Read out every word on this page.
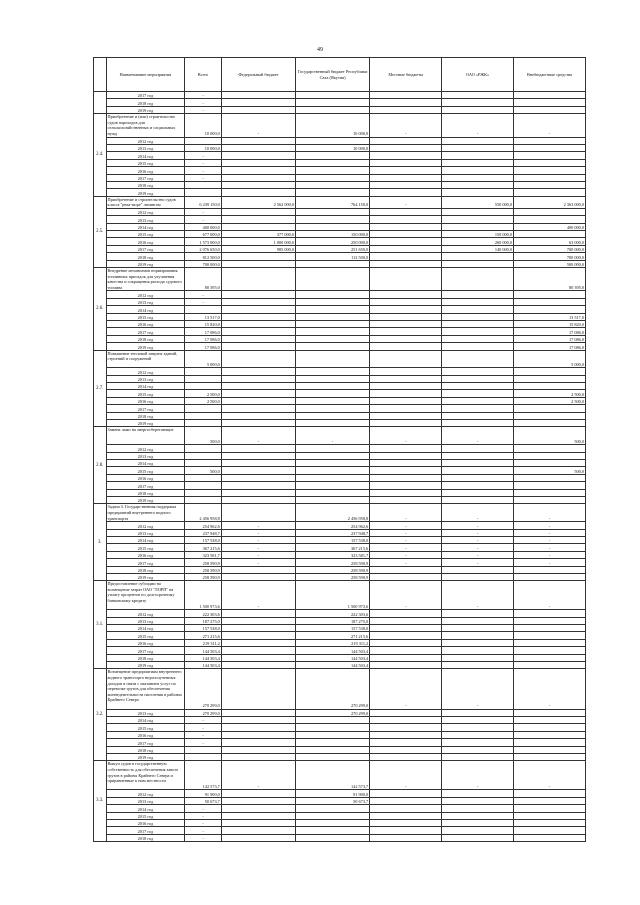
49
	Наименование мероприятия	Всего	Федеральный бюджет	Государственный бюджет Республики Саха (Якутия)	Местные бюджеты	ОАО «РЖК»	Внебюджетные средства
	2017 год	-					
	2018 год	-					
	2019 год	-					
2.4.	Приобретение и (или) строительство судов пароходов для сельскохозяйственных и социальных нужд	10 000,0	-	10 000,0	-	-	-
	2012 год						
	2013 год	10 000,0		10 000,0			
	2014 год	-					
	2015 год	-					
	2016 год	-					
	2017 год	-					
	2018 год						
	2019 год						
2.5.	Приобретение и строительство судов класса "река-море" лизингом	6 239 150,0	2 562 000,0	764 150,0	-	550 000,0	2 363 000,0
	2012 год	-					
	2013 год	-					
	2014 год	400 000,0					400 000,0
	2015 год	677 000,0	377 000,0	150 000,0		150 000,0	
	2016 год	1 573 000,0	1 000 000,0	250 000,0		260 000,0	63 000,0
	2017 год	2 076 650,0	985 000,0	251 650,0		140 000,0	700 000,0
	2018 год	812 500,0		112 500,0			700 000,0
	2019 год	700 000,0					500 000,0
2.6.	Внедрение механизмов нормирования топливных присадок для улучшения качества и сокращения расхода судового топлива	80 395,0					80 395,0
	2012 год	-					
	2013 год	-					
	2014 год						
	2015 год	13 517,0					13 517,0
	2016 год	15 820,0					15 820,0
	2017 год	17 086,0					17 086,0
	2018 год	17 086,0					17 086,0
	2019 год	17 086,0					17 086,0
2.7.	Повышение тепловой защиты зданий, строений и сооружений	5 000,0					5 000,0
	2012 год						
	2013 год						
	2014 год						
	2015 год	2 500,0					2 500,0
	2016 год	2 500,0					2 500,0
	2017 год						
	2018 год						
	2019 год						
2.8.	Замена ламп на энергосберегающие	500,0	-	-	-	-	500,0
	2012 год						
	2013 год						
	2014 год						
	2015 год	500,0					500,0
	2016 год						
	2017 год						
	2018 год						
	2019 год						
3.	Задача 3. Государственная поддержка предприятий внутреннего водного транспорта	2 456 958,8		2 456 958,8	-	-	-
	2012 год	254 962,6	-	254 962,6	-	-	-
	2013 год	237 948,7	-	237 948,7	-	-	-
	2014 год	157 538,0	-	157 538,0	-	-	-
	2015 год	367 215,6	-	367 215,6	-	-	-
	2016 год	323 581,7	-	323 581,7	-	-	-
	2017 год	258 590,9	-	258 590,9	-	-	-
	2018 год	258 590,9		258 590,9			
	2019 год	258 590,9		258 590,9			
3.1.	Предоставление субсидии на возмещение затрат ОАО "ЛОРП" на уплату процентов по долгосрочному банковскому кредиту	1 500 973,6	-	1 500 973,6	-	-	-
	2012 год	222 303,6		222 303,6			
	2013 год	187 275,0		187 275,0			
	2014 год	157 538,0		157 538,0			
	2015 год	271 215,6		271 215,6			
	2016 год	219 311,2		219 311,2			
	2017 год	144 503,4		144 503,4			
	2018 год	144 503,4		144 503,4			
	2019 год	144 503,4		144 503,4			
3.2.	Возмещение предприятиям внутреннего водного транспорта недополученных доходов в связи с оказанием услуг по перевозке грузов для обеспечения жизнедеятельности населения в районах Крайнего Севера	270 299,0		270 299,0	-	-	-
	2013 год	270 299,0		270 299,0			
	2014 год	-					
	2015 год	-					
	2016 год	-					
	2017 год	-					
	2018 год						
	2019 год						
3.3.	Выкуп судов в государственную собственность для обеспечения завоза грузов в районы Крайнего Севера и приравненные к ним местности	142 573,7	-	142 573,7	-	-	-
	2012 год	91 900,0		91 900,0			
	2013 год	50 673,7		50 673,7			
	2014 год	-					
	2015 год	-					
	2016 год	-					
	2017 год	-					
	2018 год	-					
